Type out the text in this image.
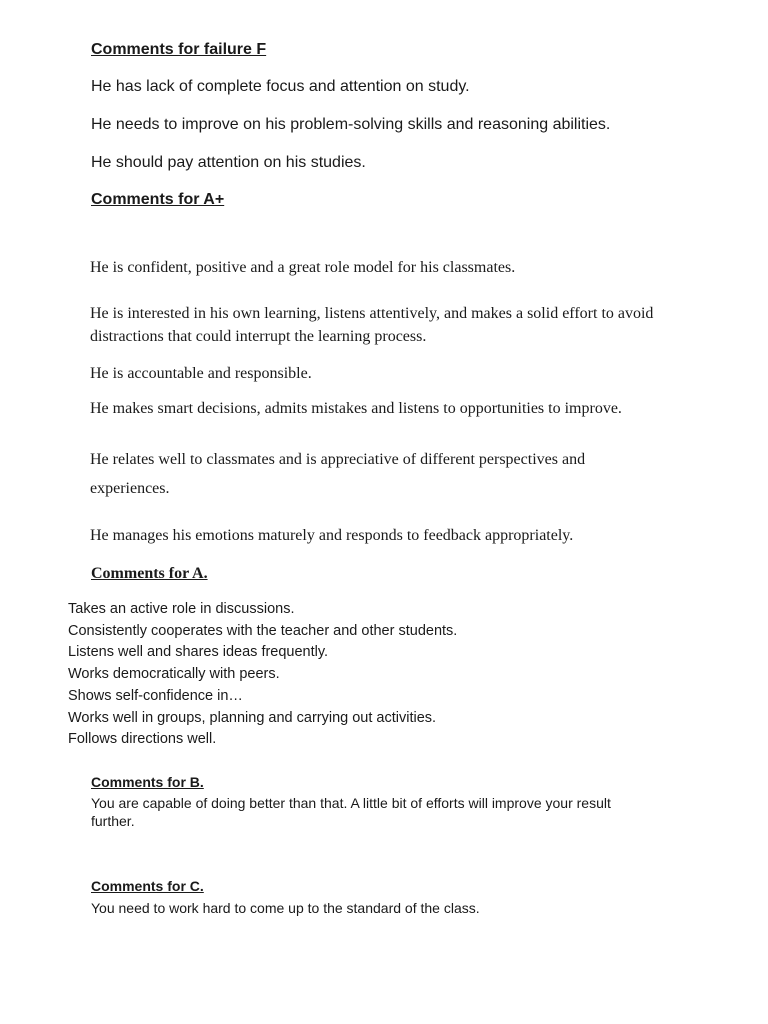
Comments for failure F
He has lack of complete focus and attention on study.
He needs to improve on his problem-solving skills and reasoning abilities.
He should pay attention on his studies.
Comments for A+
He is confident, positive and a great role model for his classmates.
He is interested in his own learning, listens attentively, and makes a solid effort to avoid
distractions that could interrupt the learning process.
He is accountable and responsible.
He makes smart decisions, admits mistakes and listens to opportunities to improve.
He relates well to classmates and is appreciative of different perspectives and
experiences.
He manages his emotions maturely and responds to feedback appropriately.
Comments for A.
Takes an active role in discussions.
Consistently cooperates with the teacher and other students.
Listens well and shares ideas frequently.
Works democratically with peers.
Shows self-confidence in…
Works well in groups, planning and carrying out activities.
Follows directions well.
Comments for B.
You are capable of doing better than that. A little bit of efforts will improve your result
further.
Comments for C.
You need to work hard to come up to the standard of the class.
